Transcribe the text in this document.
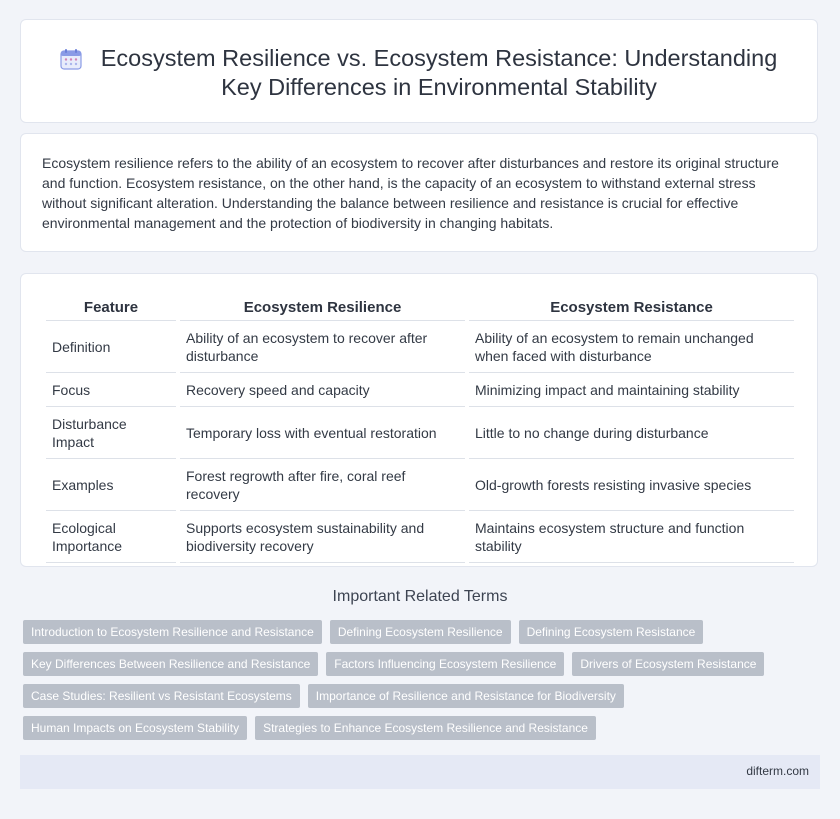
Ecosystem Resilience vs. Ecosystem Resistance: Understanding Key Differences in Environmental Stability

Ecosystem resilience refers to the ability of an ecosystem to recover after disturbances and restore its original structure and function. Ecosystem resistance, on the other hand, is the capacity of an ecosystem to withstand external stress without significant alteration. Understanding the balance between resilience and resistance is crucial for effective environmental management and the protection of biodiversity in changing habitats.

Feature	Ecosystem Resilience	Ecosystem Resistance
Definition	Ability of an ecosystem to recover after disturbance	Ability of an ecosystem to remain unchanged when faced with disturbance
Focus	Recovery speed and capacity	Minimizing impact and maintaining stability
Disturbance Impact	Temporary loss with eventual restoration	Little to no change during disturbance
Examples	Forest regrowth after fire, coral reef recovery	Old-growth forests resisting invasive species
Ecological Importance	Supports ecosystem sustainability and biodiversity recovery	Maintains ecosystem structure and function stability
Important Related Terms
Introduction to Ecosystem Resilience and Resistance	Defining Ecosystem Resilience	Defining Ecosystem Resistance
Key Differences Between Resilience and Resistance	Factors Influencing Ecosystem Resilience	Drivers of Ecosystem Resistance
Case Studies: Resilient vs Resistant Ecosystems	Importance of Resilience and Resistance for Biodiversity
Human Impacts on Ecosystem Stability	Strategies to Enhance Ecosystem Resilience and Resistance
difterm.com
